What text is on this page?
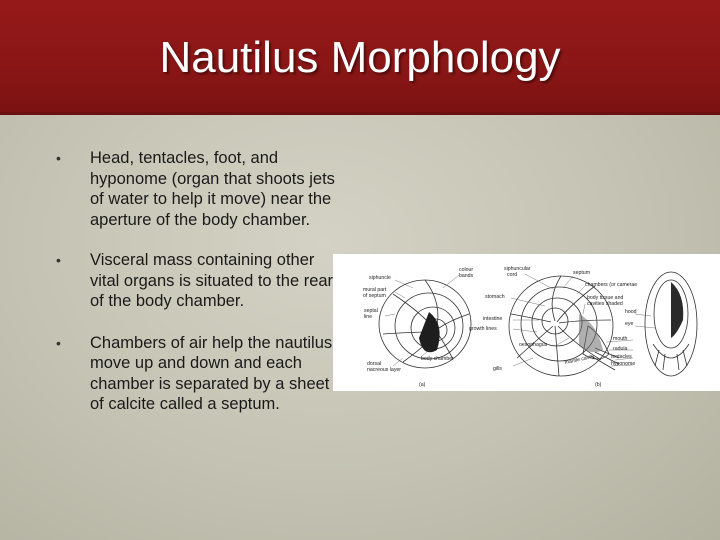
Nautilus Morphology
• Head, tentacles, foot, and hyponome (organ that shoots jets of water to help it move) near the aperture of the body chamber.
• Visceral mass containing other vital organs is situated to the rear of the body chamber.
• Chambers of air help the nautilus move up and down and each chamber is separated by a sheet of calcite called a septum.
siphuncle
mural part
of septum
septal
line
colour
bands
body chamber
dorsal
nacreous layer
(a)
siphuncular
cord	septum
chambers (or camerae
stomach	body tissue and
cavities shaded
hood
eye
intestine
growth lines
oesophagus
mouth
radula
tentacles
hyponome
mantle cavity
gills
(b)
